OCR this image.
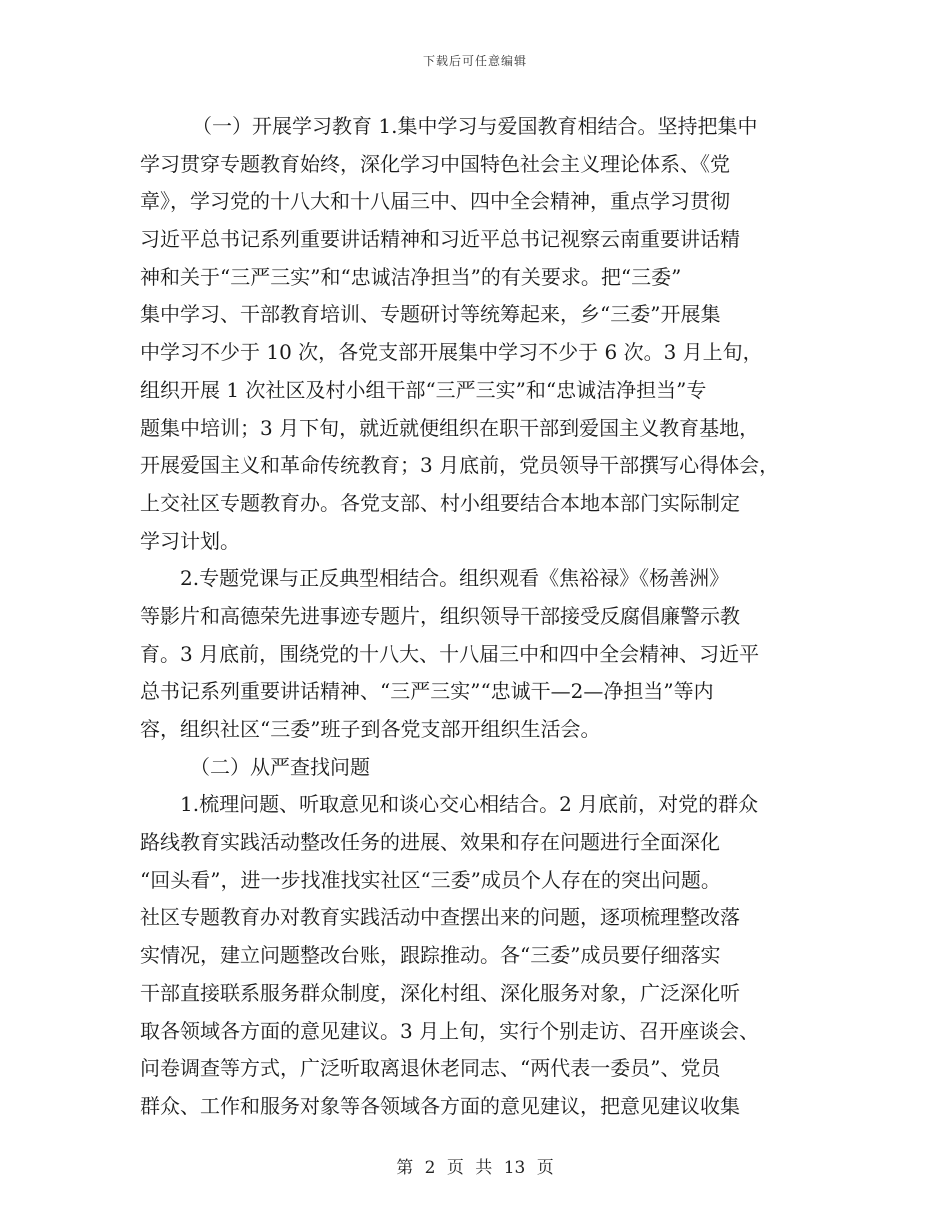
下载后可任意编辑
（一）开展学习教育 1.集中学习与爱国教育相结合。坚持把集中
学习贯穿专题教育始终，深化学习中国特色社会主义理论体系、《党
章》，学习党的十八大和十八届三中、四中全会精神，重点学习贯彻
习近平总书记系列重要讲话精神和习近平总书记视察云南重要讲话精
神和关于“三严三实”和“忠诚洁净担当”的有关要求。把“三委”
集中学习、干部教育培训、专题研讨等统筹起来，乡“三委”开展集
中学习不少于 10 次，各党支部开展集中学习不少于 6 次。3 月上旬，
组织开展 1 次社区及村小组干部“三严三实”和“忠诚洁净担当”专
题集中培训；3 月下旬，就近就便组织在职干部到爱国主义教育基地，
开展爱国主义和革命传统教育；3 月底前，党员领导干部撰写心得体会，
上交社区专题教育办。各党支部、村小组要结合本地本部门实际制定
学习计划。
2.专题党课与正反典型相结合。组织观看《焦裕禄》《杨善洲》
等影片和高德荣先进事迹专题片，组织领导干部接受反腐倡廉警示教
育。3 月底前，围绕党的十八大、十八届三中和四中全会精神、习近平
总书记系列重要讲话精神、“三严三实”“忠诚干—2—净担当”等内
容，组织社区“三委”班子到各党支部开组织生活会。
（二）从严查找问题
1.梳理问题、听取意见和谈心交心相结合。2 月底前，对党的群众
路线教育实践活动整改任务的进展、效果和存在问题进行全面深化
“回头看”，进一步找准找实社区“三委”成员个人存在的突出问题。
社区专题教育办对教育实践活动中查摆出来的问题，逐项梳理整改落
实情况，建立问题整改台账，跟踪推动。各“三委”成员要仔细落实
干部直接联系服务群众制度，深化村组、深化服务对象，广泛深化听
取各领域各方面的意见建议。3 月上旬，实行个别走访、召开座谈会、
问卷调查等方式，广泛听取离退休老同志、“两代表一委员”、党员
群众、工作和服务对象等各领域各方面的意见建议，把意见建议收集
第 2 页 共 13 页
